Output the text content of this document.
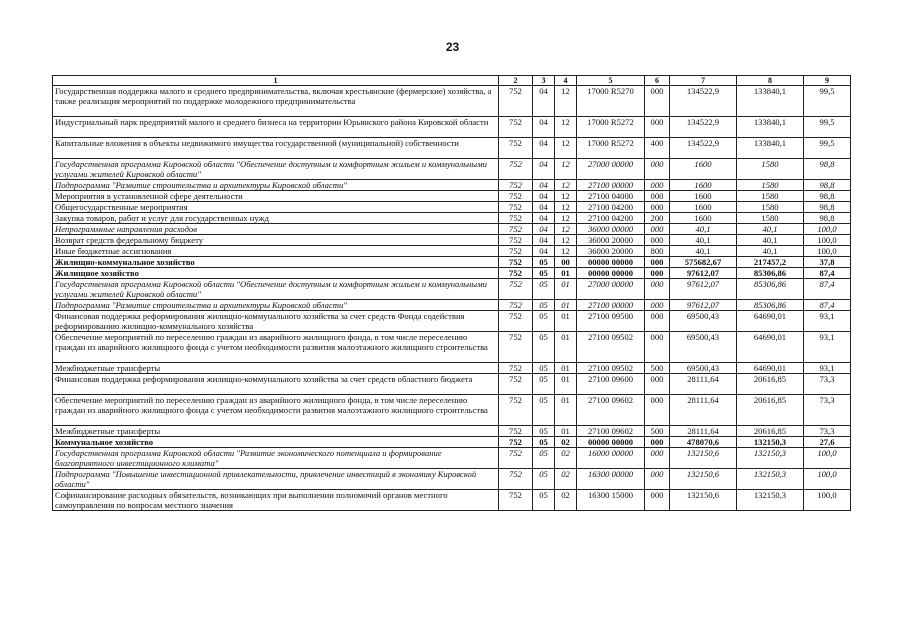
23
1	2	3	4	5	6	7	8	9
Государственная поддержка малого и среднего предпринимательства, включая крестьянские (фермерские) хозяйства, а также реализация мероприятий по поддержке молодежного предпринимательства	752	04	12	17000 R5270	000	134522,9	133840,1	99,5
Индустриальный парк предприятий малого и среднего бизнеса на территории Юрьянского района Кировской области	752	04	12	17000 R5272	000	134522,9	133840,1	99,5
Капитальные вложения в объекты недвижимого имущества государственной (муниципальной) собственности	752	04	12	17000 R5272	400	134522,9	133840,1	99,5
Государственная программа Кировской области "Обеспечение доступным и комфортным жильем и коммунальными услугами жителей Кировской области"	752	04	12	27000 00000	000	1600	1580	98,8
Подпрограмма "Развитие строительства и архитектуры Кировской области"	752	04	12	27100 00000	000	1600	1580	98,8
Мероприятия в установленной сфере деятельности	752	04	12	27100 04000	000	1600	1580	98,8
Общегосударственные мероприятия	752	04	12	27100 04200	000	1600	1580	98,8
Закупка товаров, работ и услуг для государственных нужд	752	04	12	27100 04200	200	1600	1580	98,8
Непрограммные направления расходов	752	04	12	36000 00000	000	40,1	40,1	100,0
Возврат средств федеральному бюджету	752	04	12	36000 20000	000	40,1	40,1	100,0
Иные бюджетные ассигнования	752	04	12	36000 20000	800	40,1	40,1	100,0
Жилищно-коммунальное хозяйство	752	05	00	00000 00000	000	575682,67	217457,2	37,8
Жилищное хозяйство	752	05	01	00000 00000	000	97612,07	85306,86	87,4
Государственная программа Кировской области "Обеспечение доступным и комфортным жильем и коммунальными услугами жителей Кировской области"	752	05	01	27000 00000	000	97612,07	85306,86	87,4
Подпрограмма "Развитие строительства и архитектуры Кировской области"	752	05	01	27100 00000	000	97612,07	85306,86	87,4
Финансовая поддержка реформирования жилищно-коммунального хозяйства за счет средств Фонда содействия реформированию жилищно-коммунального хозяйства	752	05	01	27100 09500	000	69500,43	64690,01	93,1
Обеспечение мероприятий по переселению граждан из аварийного жилищного фонда, в том числе переселению граждан из аварийного жилищного фонда с учетом необходимости развития малоэтажного жилищного строительства	752	05	01	27100 09502	000	69500,43	64690,01	93,1
Межбюджетные трансферты	752	05	01	27100 09502	500	69500,43	64690,01	93,1
Финансовая поддержка реформирования жилищно-коммунального хозяйства за счет средств областного бюджета	752	05	01	27100 09600	000	28111,64	20616,85	73,3
Обеспечение мероприятий по переселению граждан из аварийного жилищного фонда, в том числе переселению граждан из аварийного жилищного фонда с учетом необходимости развития малоэтажного жилищного строительства	752	05	01	27100 09602	000	28111,64	20616,85	73,3
Межбюджетные трансферты	752	05	01	27100 09602	500	28111,64	20616,85	73,3
Коммунальное хозяйство	752	05	02	00000 00000	000	478070,6	132150,3	27,6
Государственная программа Кировской области "Развитие экономического потенциала и формирование благоприятного инвестиционного климата"	752	05	02	16000 00000	000	132150,6	132150,3	100,0
Подпрограмма "Повышение инвестиционной привлекательности, привлечение инвестиций в экономику Кировской области"	752	05	02	16300 00000	000	132150,6	132150,3	100,0
Софинансирование расходных обязательств, возникающих при выполнении полномочий органов местного самоуправления по вопросам местного значения	752	05	02	16300 15000	000	132150,6	132150,3	100,0
